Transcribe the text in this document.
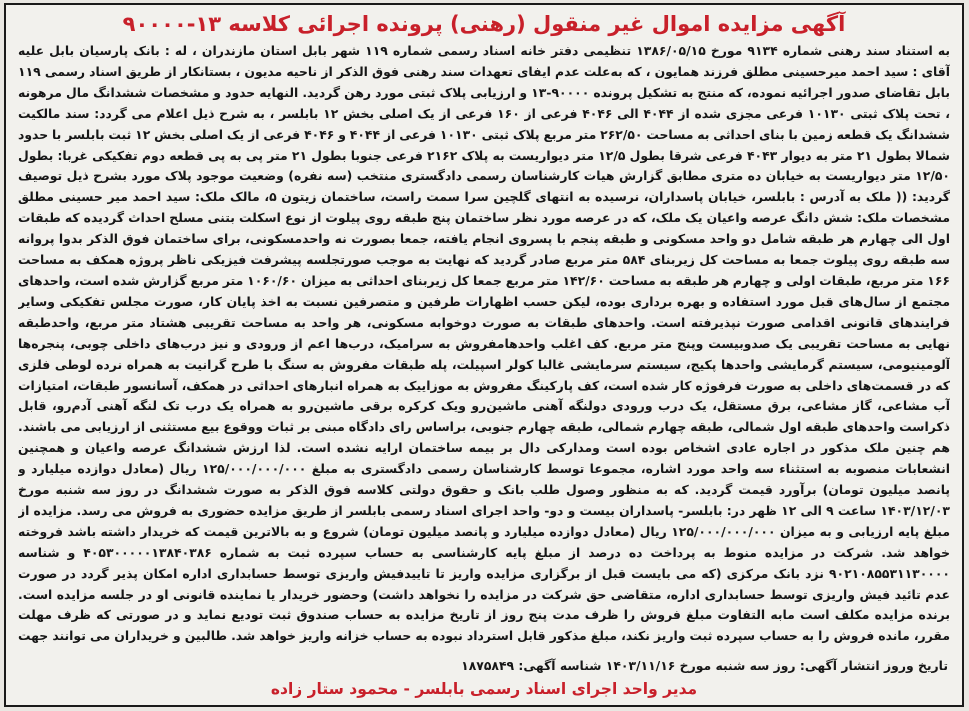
آگهی مزایده اموال غیر منقول (رهنی) پرونده اجرائی کلاسه ۱۳-۹۰۰۰۰
به استناد سند رهنی شماره ۹۱۳۴ مورخ ۱۳۸۶/۰۵/۱۵ تنظیمی دفتر خانه اسناد رسمی شماره ۱۱۹ شهر بابل استان مازندران ، له : بانک پارسیان بابل علیه آقای : سید احمد میرحسینی مطلق فرزند همایون ، که به‌علت عدم ایفای تعهدات سند رهنی فوق الذکر از ناحیه مدیون ، بستانکار از طریق اسناد رسمی ۱۱۹ بابل تقاضای صدور اجرائیه نموده، که منتج به تشکیل پرونده ۹۰۰۰۰-۱۳ و ارزیابی پلاک ثبتی مورد رهن گردید. النهایه حدود و مشخصات ششدانگ مال مرهونه ، تحت پلاک ثبتی ۱۰۱۳۰ فرعی مجزی شده از ۴۰۴۴ الی ۴۰۴۶ فرعی از ۱۶۰ فرعی از یک اصلی بخش ۱۲ بابلسر ، به شرح ذیل اعلام می گردد: سند مالکیت ششدانگ یک قطعه زمین با بنای احداثی به مساحت ۲۶۲/۵۰ متر مربع پلاک ثبتی ۱۰۱۳۰ فرعی از ۴۰۴۴ و ۴۰۴۶ فرعی از یک اصلی بخش ۱۲ ثبت بابلسر با حدود شمالا بطول ۲۱ متر به دیوار ۴۰۴۳ فرعی شرقا بطول ۱۲/۵ متر دیواریست به پلاک ۲۱۶۲ فرعی جنوبا بطول ۲۱ متر پی به پی قطعه دوم تفکیکی غربا: بطول ۱۲/۵۰ متر دیواریست به خیابان ده متری مطابق گزارش هیات کارشناسان رسمی دادگستری منتخب (سه نفره) وضعیت موجود پلاک مورد بشرح ذیل توصیف گردید: (( ملک به آدرس : بابلسر، خیابان پاسداران، نرسیده به انتهای گلچین سرا سمت راست، ساختمان زیتون ۵، مالک ملک: سید احمد میر حسینی مطلق مشخصات ملک: شش دانگ عرصه واعیان یک ملک، که در عرصه مورد نظر ساختمان پنج طبقه روی پیلوت از نوع اسکلت بتنی مسلح احداث گردیده که طبقات اول الی چهارم هر طبقه شامل دو واحد مسکونی و طبقه پنجم با پسروی انجام یافته، جمعا بصورت نه واحدمسکونی، برای ساختمان فوق الذکر بدوا پروانه سه طبقه روی پیلوت جمعا به مساحت کل زیربنای ۵۸۴ متر مربع صادر گردید که نهایت به موجب صورتجلسه پیشرفت فیزیکی ناظر پروژه همکف به مساحت ۱۶۶ متر مربع، طبقات اولی و چهارم هر طبقه به مساحت ۱۴۲/۶۰ متر مربع جمعا کل زیربنای احداثی به میزان ۱۰۶۰/۶۰ متر مربع گزارش شده است، واحدهای مجتمع از سال‌های قبل مورد استفاده و بهره برداری بوده، لیکن حسب اظهارات طرفین و متصرفین نسبت به اخذ پایان کار، صورت مجلس تفکیکی وسایر فرایندهای قانونی اقدامی صورت نپذیرفته است. واحدهای طبقات به صورت دوخوابه مسکونی، هر واحد به مساحت تقریبی هشتاد متر مربع، واحدطبقه نهایی به مساحت تقریبی یک صدوبیست وپنج متر مربع. کف اغلب واحدهامفروش به سرامیک، درب‌ها اعم از ورودی و نیز درب‌های داخلی چوبی، پنجره‌ها آلومینیومی، سیستم گرمایشی واحدها پکیج، سیستم سرمایشی غالبا کولر اسپیلت، پله طبقات مفروش به سنگ با طرح گرانیت به همراه نرده لوطی فلزی که در قسمت‌های داخلی به صورت فرفوژه کار شده است، کف پارکینگ مفروش به موزاییک به همراه انبارهای احداثی در همکف، آسانسور طبقات، امتیازات آب مشاعی، گاز مشاعی، برق مستقل، یک درب ورودی دولنگه آهنی ماشین‌رو ویک کرکره برقی ماشین‌رو به همراه یک درب تک لنگه آهنی آدم‌رو، قابل ذکراست واحدهای طبقه اول شمالی، طبقه چهارم شمالی، طبقه چهارم جنوبی، براساس رای دادگاه مبنی بر ثبات ووقوع بیع مستثنی از ارزیابی می باشند. هم چنین ملک مذکور در اجاره عادی اشخاص بوده است ومدارکی دال بر بیمه ساختمان ارایه نشده است. لذا ارزش ششدانگ عرصه واعیان و همچنین انشعابات منصوبه به استثناء سه واحد مورد اشاره، مجموعا توسط کارشناسان رسمی دادگستری به مبلغ ۱۲۵/۰۰۰/۰۰۰/۰۰۰ ریال (معادل دوازده میلیارد و پانصد میلیون تومان) برآورد قیمت گردید. که به منظور وصول طلب بانک و حقوق دولتی کلاسه فوق الذکر به صورت ششدانگ در روز سه شنبه مورخ ۱۴۰۳/۱۲/۰۳ ساعت ۹ الی ۱۲ ظهر در: بابلسر- پاسداران بیست و دو- واحد اجرای اسناد رسمی بابلسر از طریق مزایده حضوری به فروش می رسد. مزایده از مبلغ پایه ارزیابی و به میزان ۱۲۵/۰۰۰/۰۰۰/۰۰۰ ریال (معادل دوازده میلیارد و پانصد میلیون تومان) شروع و به بالاترین قیمت که خریدار داشته باشد فروخته خواهد شد. شرکت در مزایده منوط به پرداخت ده درصد از مبلغ پایه کارشناسی به حساب سپرده ثبت به شماره ۴۰۵۳۰۰۰۰۰۱۳۸۴۰۳۸۶ و شناسه ۹۰۲۱۰۸۵۵۳۱۱۳۰۰۰۰ نزد بانک مرکزی (که می بایست قبل از برگزاری مزایده واریز تا تاییدفیش واریزی توسط حسابداری اداره امکان پذیر گردد در صورت عدم تائید فیش واریزی توسط حسابداری اداره، متقاضی حق شرکت در مزایده را نخواهد داشت) وحضور خریدار یا نماینده قانونی او در جلسه مزایده است. برنده مزایده مکلف است مابه التفاوت مبلغ فروش را ظرف مدت پنج روز از تاریخ مزایده به حساب صندوق ثبت تودیع نماید و در صورتی که ظرف مهلت مقرر، مانده فروش را به حساب سپرده ثبت واریز نکند، مبلغ مذکور قابل استرداد نبوده به حساب خزانه واریز خواهد شد. طالبین و خریداران می توانند جهت
تاریخ وروز انتشار آگهی: روز سه شنبه مورخ ۱۴۰۳/۱۱/۱۶ شناسه آگهی: ۱۸۷۵۸۴۹
مدیر واحد اجرای اسناد رسمی بابلسر - محمود ستار زاده
